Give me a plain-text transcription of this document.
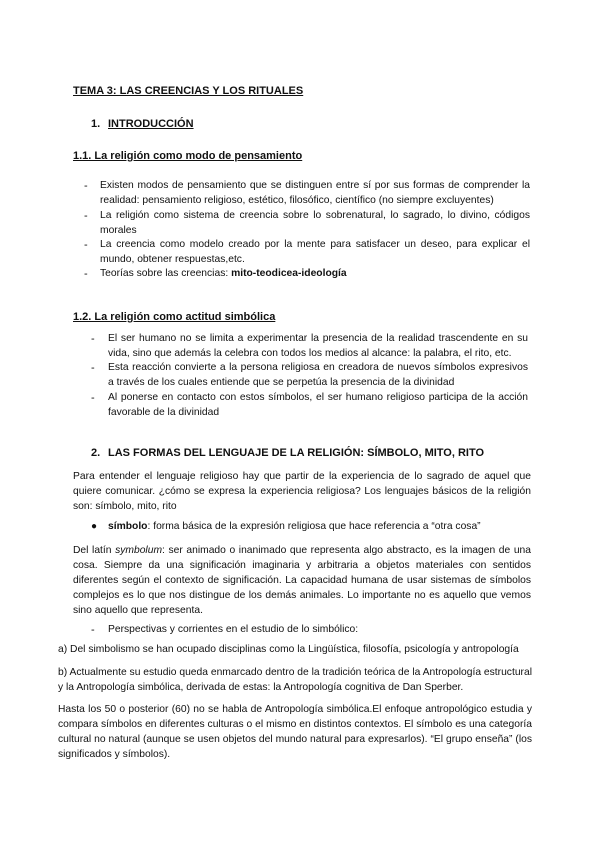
TEMA 3: LAS CREENCIAS Y LOS RITUALES
1. INTRODUCCIÓN
1.1. La religión como modo de pensamiento
- Existen modos de pensamiento que se distinguen entre sí por sus formas de comprender la realidad: pensamiento religioso, estético, filosófico, científico (no siempre excluyentes)
- La religión como sistema de creencia sobre lo sobrenatural, lo sagrado, lo divino, códigos morales
- La creencia como modelo creado por la mente para satisfacer un deseo, para explicar el mundo, obtener respuestas,etc.
- Teorías sobre las creencias: mito-teodicea-ideología
1.2. La religión como actitud simbólica
- El ser humano no se limita a experimentar la presencia de la realidad trascendente en su vida, sino que además la celebra con todos los medios al alcance: la palabra, el rito, etc.
- Esta reacción convierte a la persona religiosa en creadora de nuevos símbolos expresivos a través de los cuales entiende que se perpetúa la presencia de la divinidad
- Al ponerse en contacto con estos símbolos, el ser humano religioso participa de la acción favorable de la divinidad
2. LAS FORMAS DEL LENGUAJE DE LA RELIGIÓN: SÍMBOLO, MITO, RITO
Para entender el lenguaje religioso hay que partir de la experiencia de lo sagrado de aquel que quiere comunicar. ¿cómo se expresa la experiencia religiosa? Los lenguajes básicos de la religión son: símbolo, mito, rito
● símbolo: forma básica de la expresión religiosa que hace referencia a “otra cosa”
Del latín symbolum: ser animado o inanimado que representa algo abstracto, es la imagen de una cosa. Siempre da una significación imaginaria y arbitraria a objetos materiales con sentidos diferentes según el contexto de significación. La capacidad humana de usar sistemas de símbolos complejos es lo que nos distingue de los demás animales. Lo importante no es aquello que vemos sino aquello que representa.
- Perspectivas y corrientes en el estudio de lo simbólico:
a) Del simbolismo se han ocupado disciplinas como la Lingüística, filosofía, psicología y antropología
b) Actualmente su estudio queda enmarcado dentro de la tradición teórica de la Antropología estructural y la Antropología simbólica, derivada de estas: la Antropología cognitiva de Dan Sperber.
Hasta los 50 o posterior (60) no se habla de Antropología simbólica.El enfoque antropológico estudia y compara símbolos en diferentes culturas o el mismo en distintos contextos. El símbolo es una categoría cultural no natural (aunque se usen objetos del mundo natural para expresarlos). “El grupo enseña” (los significados y símbolos).
